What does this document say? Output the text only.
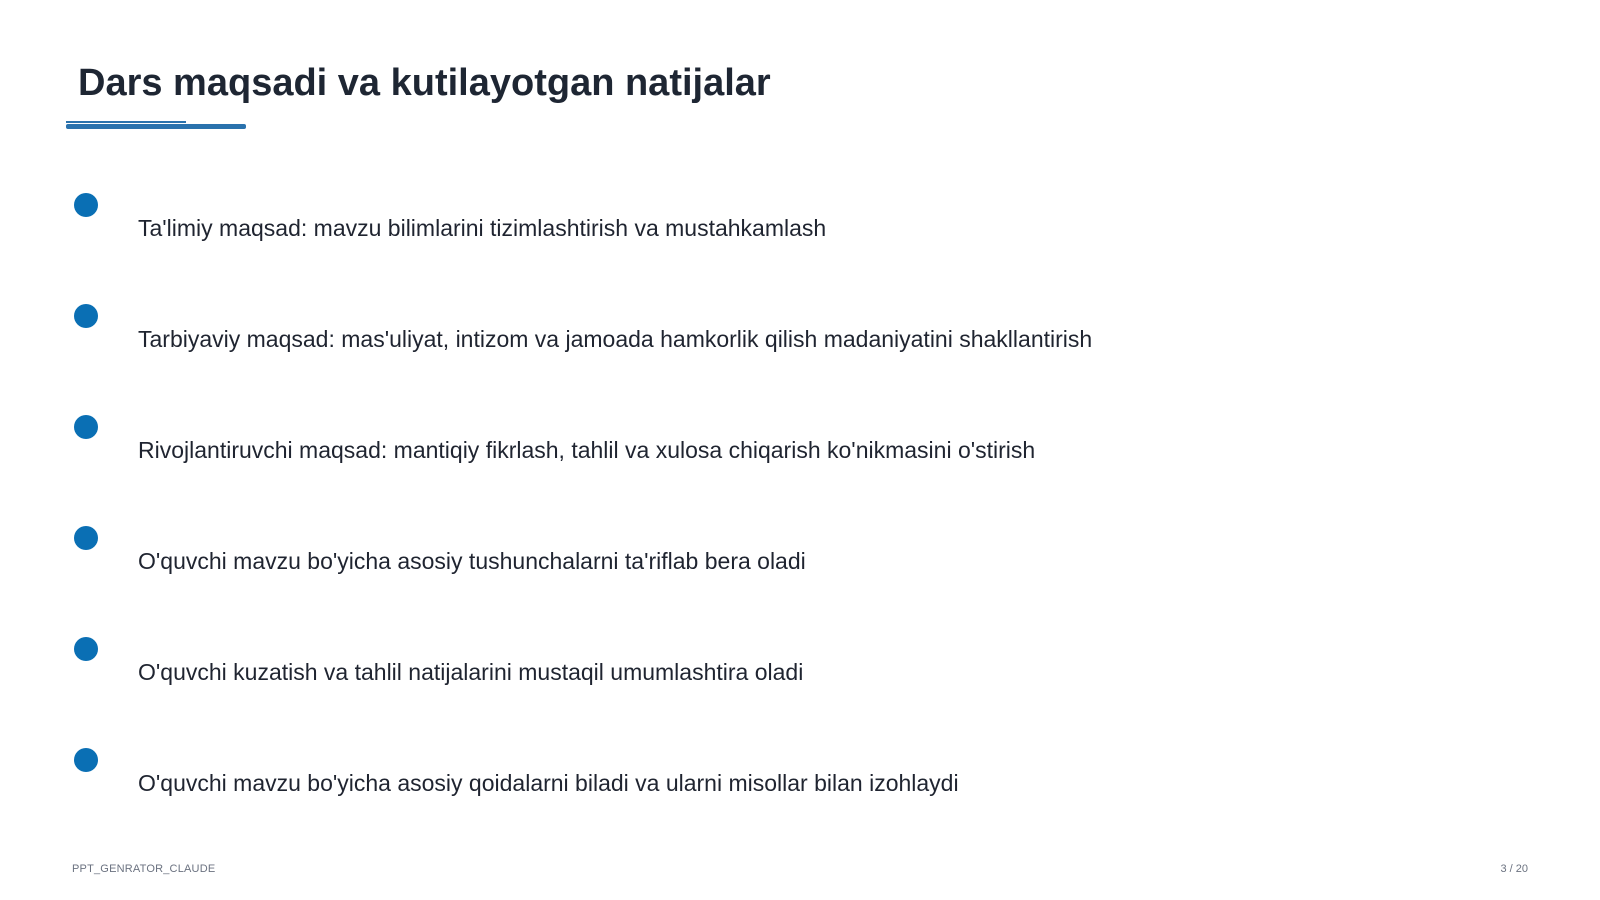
Dars maqsadi va kutilayotgan natijalar
Ta'limiy maqsad: mavzu bilimlarini tizimlashtirish va mustahkamlash
Tarbiyaviy maqsad: mas'uliyat, intizom va jamoada hamkorlik qilish madaniyatini shakllantirish
Rivojlantiruvchi maqsad: mantiqiy fikrlash, tahlil va xulosa chiqarish ko'nikmasini o'stirish
O'quvchi mavzu bo'yicha asosiy tushunchalarni ta'riflab bera oladi
O'quvchi kuzatish va tahlil natijalarini mustaqil umumlashtira oladi
O'quvchi mavzu bo'yicha asosiy qoidalarni biladi va ularni misollar bilan izohlaydi
PPT_GENRATOR_CLAUDE	3 / 20
